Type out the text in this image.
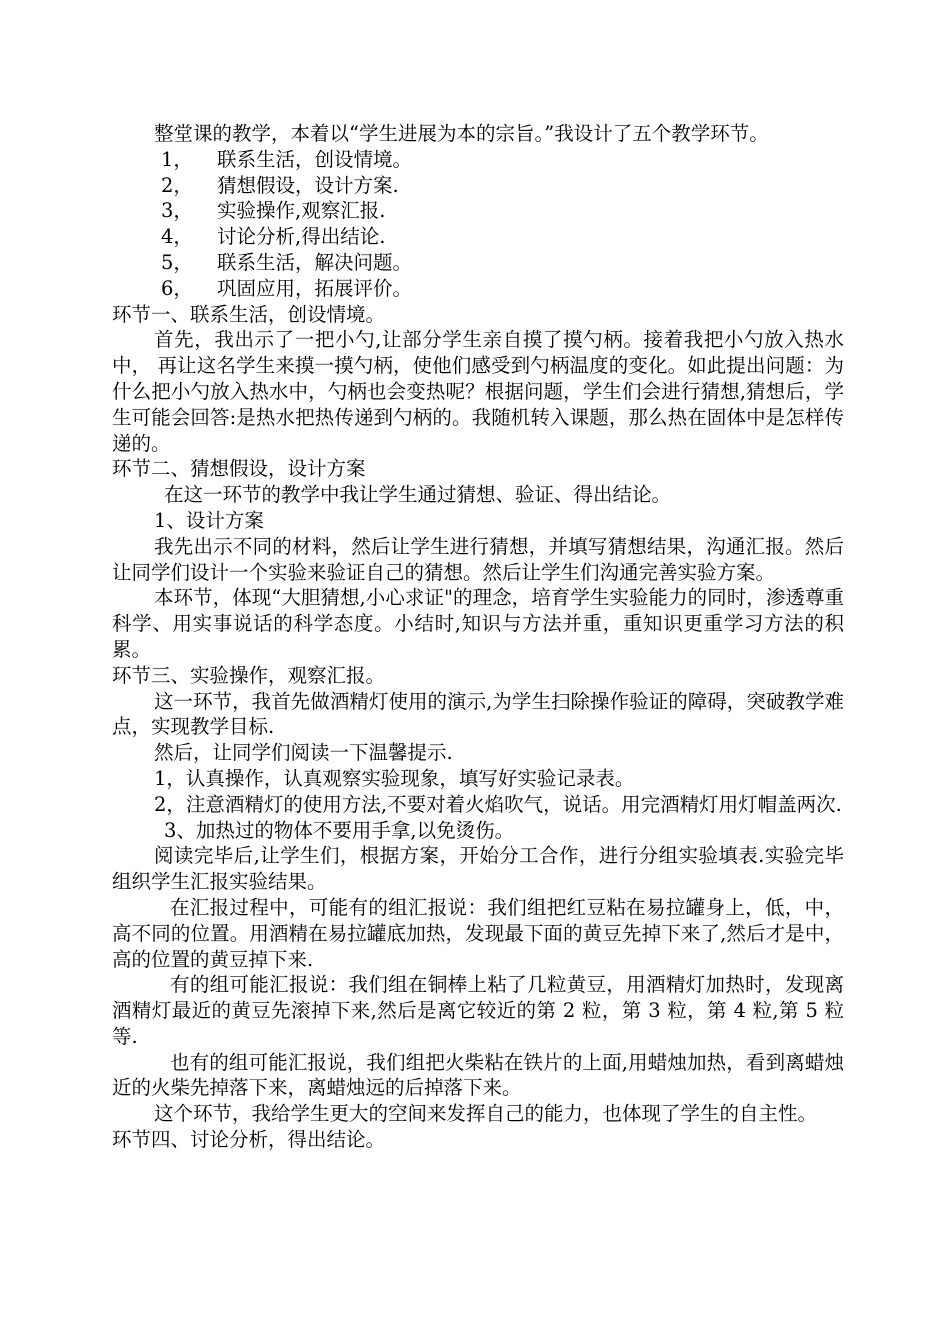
整堂课的教学，本着以“学生进展为本的宗旨。”我设计了五个教学环节。

1， 联系生活，创设情境。

2， 猜想假设，设计方案.

3， 实验操作,观察汇报.

4， 讨论分析,得出结论.

5， 联系生活，解决问题。

6， 巩固应用，拓展评价。

环节一、联系生活，创设情境。

首先，我出示了一把小勺,让部分学生亲自摸了摸勺柄。接着我把小勺放入热水中， 再让这名学生来摸一摸勺柄，使他们感受到勺柄温度的变化。如此提出问题：为什么把小勺放入热水中，勺柄也会变热呢？根据问题，学生们会进行猜想,猜想后，学生可能会回答:是热水把热传递到勺柄的。我随机转入课题，那么热在固体中是怎样传递的。

环节二、猜想假设，设计方案

在这一环节的教学中我让学生通过猜想、验证、得出结论。

1、设计方案

我先出示不同的材料，然后让学生进行猜想，并填写猜想结果，沟通汇报。然后让同学们设计一个实验来验证自己的猜想。然后让学生们沟通完善实验方案。

本环节，体现“大胆猜想,小心求证"的理念，培育学生实验能力的同时，渗透尊重科学、用实事说话的科学态度。小结时,知识与方法并重，重知识更重学习方法的积累。

环节三、实验操作，观察汇报。

这一环节，我首先做酒精灯使用的演示,为学生扫除操作验证的障碍，突破教学难点，实现教学目标.

然后，让同学们阅读一下温馨提示.

1，认真操作，认真观察实验现象，填写好实验记录表。

2，注意酒精灯的使用方法,不要对着火焰吹气，说话。用完酒精灯用灯帽盖两次.

3、加热过的物体不要用手拿,以免烫伤。

阅读完毕后,让学生们，根据方案，开始分工合作，进行分组实验填表.实验完毕组织学生汇报实验结果。

在汇报过程中，可能有的组汇报说：我们组把红豆粘在易拉罐身上，低，中，高不同的位置。用酒精在易拉罐底加热，发现最下面的黄豆先掉下来了,然后才是中，高的位置的黄豆掉下来.

有的组可能汇报说：我们组在铜棒上粘了几粒黄豆，用酒精灯加热时，发现离酒精灯最近的黄豆先滚掉下来,然后是离它较近的第 2 粒，第 3 粒，第 4 粒,第 5 粒等.

也有的组可能汇报说，我们组把火柴粘在铁片的上面,用蜡烛加热，看到离蜡烛近的火柴先掉落下来，离蜡烛远的后掉落下来。

这个环节，我给学生更大的空间来发挥自己的能力，也体现了学生的自主性。

环节四、讨论分析，得出结论。
